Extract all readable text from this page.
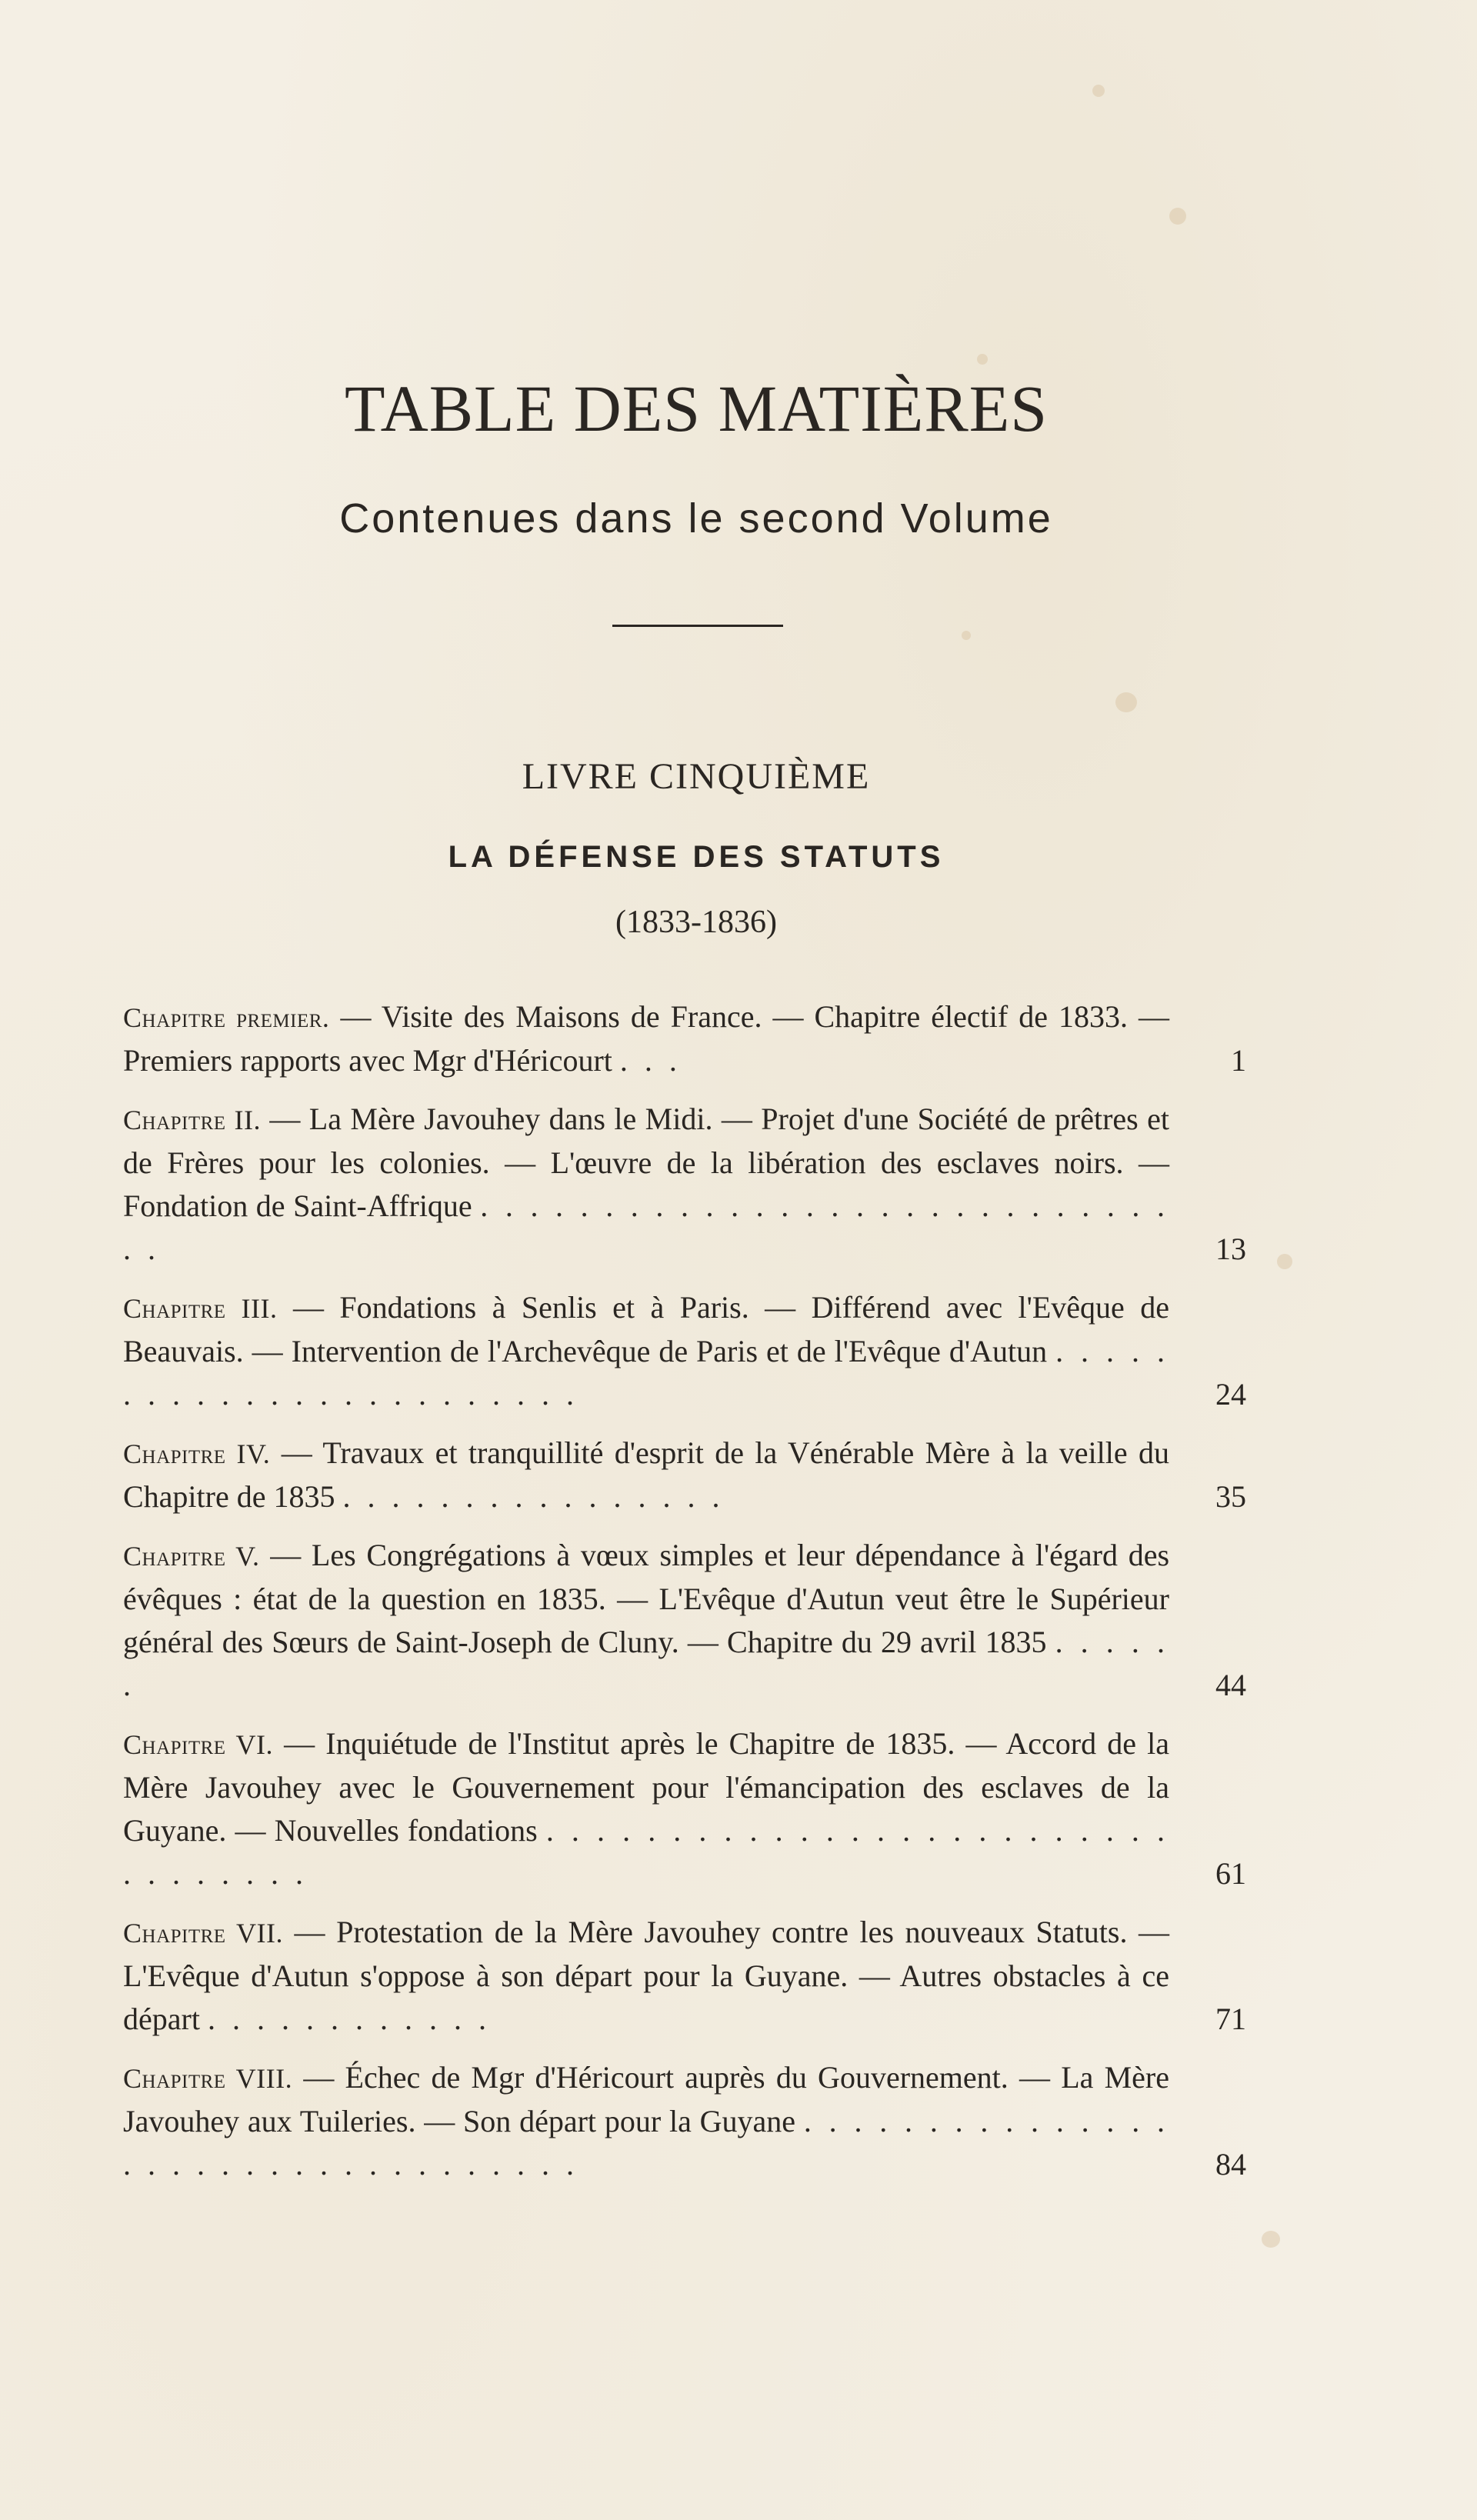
TABLE DES MATIÈRES
Contenues dans le second Volume
LIVRE CINQUIÈME
LA DÉFENSE DES STATUTS
(1833-1836)
Chapitre premier. — Visite des Maisons de France. — Chapitre électif de 1833. — Premiers rapports avec Mgr d'Héricourt . . .	1
Chapitre II. — La Mère Javouhey dans le Midi. — Projet d'une Société de prêtres et de Frères pour les colonies. — L'œuvre de la libération des esclaves noirs. — Fondation de Saint-Affrique . . . . . . . . . . . . . . . . . . . . . . . . . . . . . .	13
Chapitre III. — Fondations à Senlis et à Paris. — Différend avec l'Evêque de Beauvais. — Intervention de l'Archevêque de Paris et de l'Evêque d'Autun . . . . . . . . . . . . . . . . . . . . . . . .	24
Chapitre IV. — Travaux et tranquillité d'esprit de la Vénérable Mère à la veille du Chapitre de 1835 . . . . . . . . . . . . . . . .	35
Chapitre V. — Les Congrégations à vœux simples et leur dépendance à l'égard des évêques : état de la question en 1835. — L'Evêque d'Autun veut être le Supérieur général des Sœurs de Saint-Joseph de Cluny. — Chapitre du 29 avril 1835 . . . . . .	44
Chapitre VI. — Inquiétude de l'Institut après le Chapitre de 1835. — Accord de la Mère Javouhey avec le Gouvernement pour l'émancipation des esclaves de la Guyane. — Nouvelles fondations . . . . . . . . . . . . . . . . . . . . . . . . . . . . . . . . .	61
Chapitre VII. — Protestation de la Mère Javouhey contre les nouveaux Statuts. — L'Evêque d'Autun s'oppose à son départ pour la Guyane. — Autres obstacles à ce départ . . . . . . . . . . . .	71
Chapitre VIII. — Échec de Mgr d'Héricourt auprès du Gouvernement. — La Mère Javouhey aux Tuileries. — Son départ pour la Guyane . . . . . . . . . . . . . . . . . . . . . . . . . . . . . . . . . .	84
